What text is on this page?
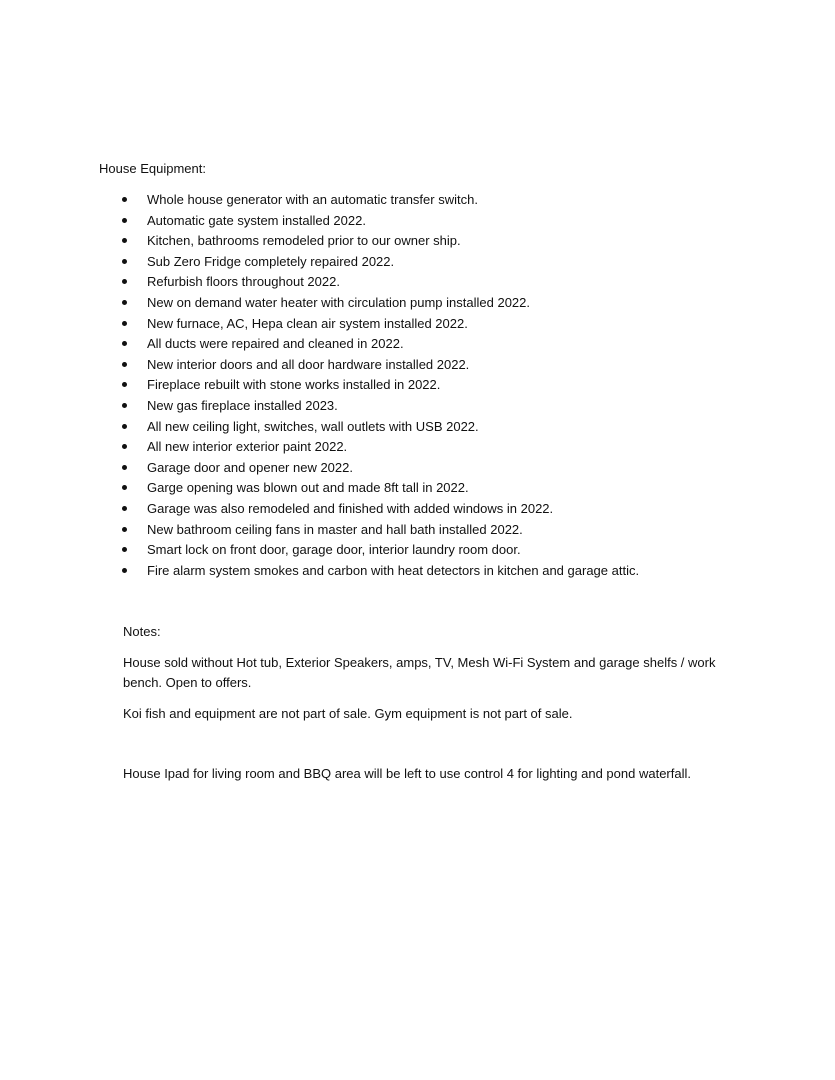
House Equipment:
Whole house generator with an automatic transfer switch.
Automatic gate system installed 2022.
Kitchen, bathrooms remodeled prior to our owner ship.
Sub Zero Fridge completely repaired 2022.
Refurbish floors throughout 2022.
New on demand water heater with circulation pump installed 2022.
New furnace, AC, Hepa clean air system installed 2022.
All ducts were repaired and cleaned in 2022.
New interior doors and all door hardware installed 2022.
Fireplace rebuilt with stone works installed in 2022.
New gas fireplace installed 2023.
All new ceiling light, switches, wall outlets with USB 2022.
All new interior exterior paint 2022.
Garage door and opener new 2022.
Garge opening was blown out and made 8ft tall in 2022.
Garage was also remodeled and finished with added windows in 2022.
New bathroom ceiling fans in master and hall bath installed 2022.
Smart lock on front door, garage door, interior laundry room door.
Fire alarm system smokes and carbon with heat detectors in kitchen and garage attic.
Notes:

House sold without Hot tub, Exterior Speakers, amps, TV, Mesh Wi-Fi System and garage shelfs / work bench. Open to offers.

Koi fish and equipment are not part of sale. Gym equipment is not part of sale.

House Ipad for living room and BBQ area will be left to use control 4 for lighting and pond waterfall.
